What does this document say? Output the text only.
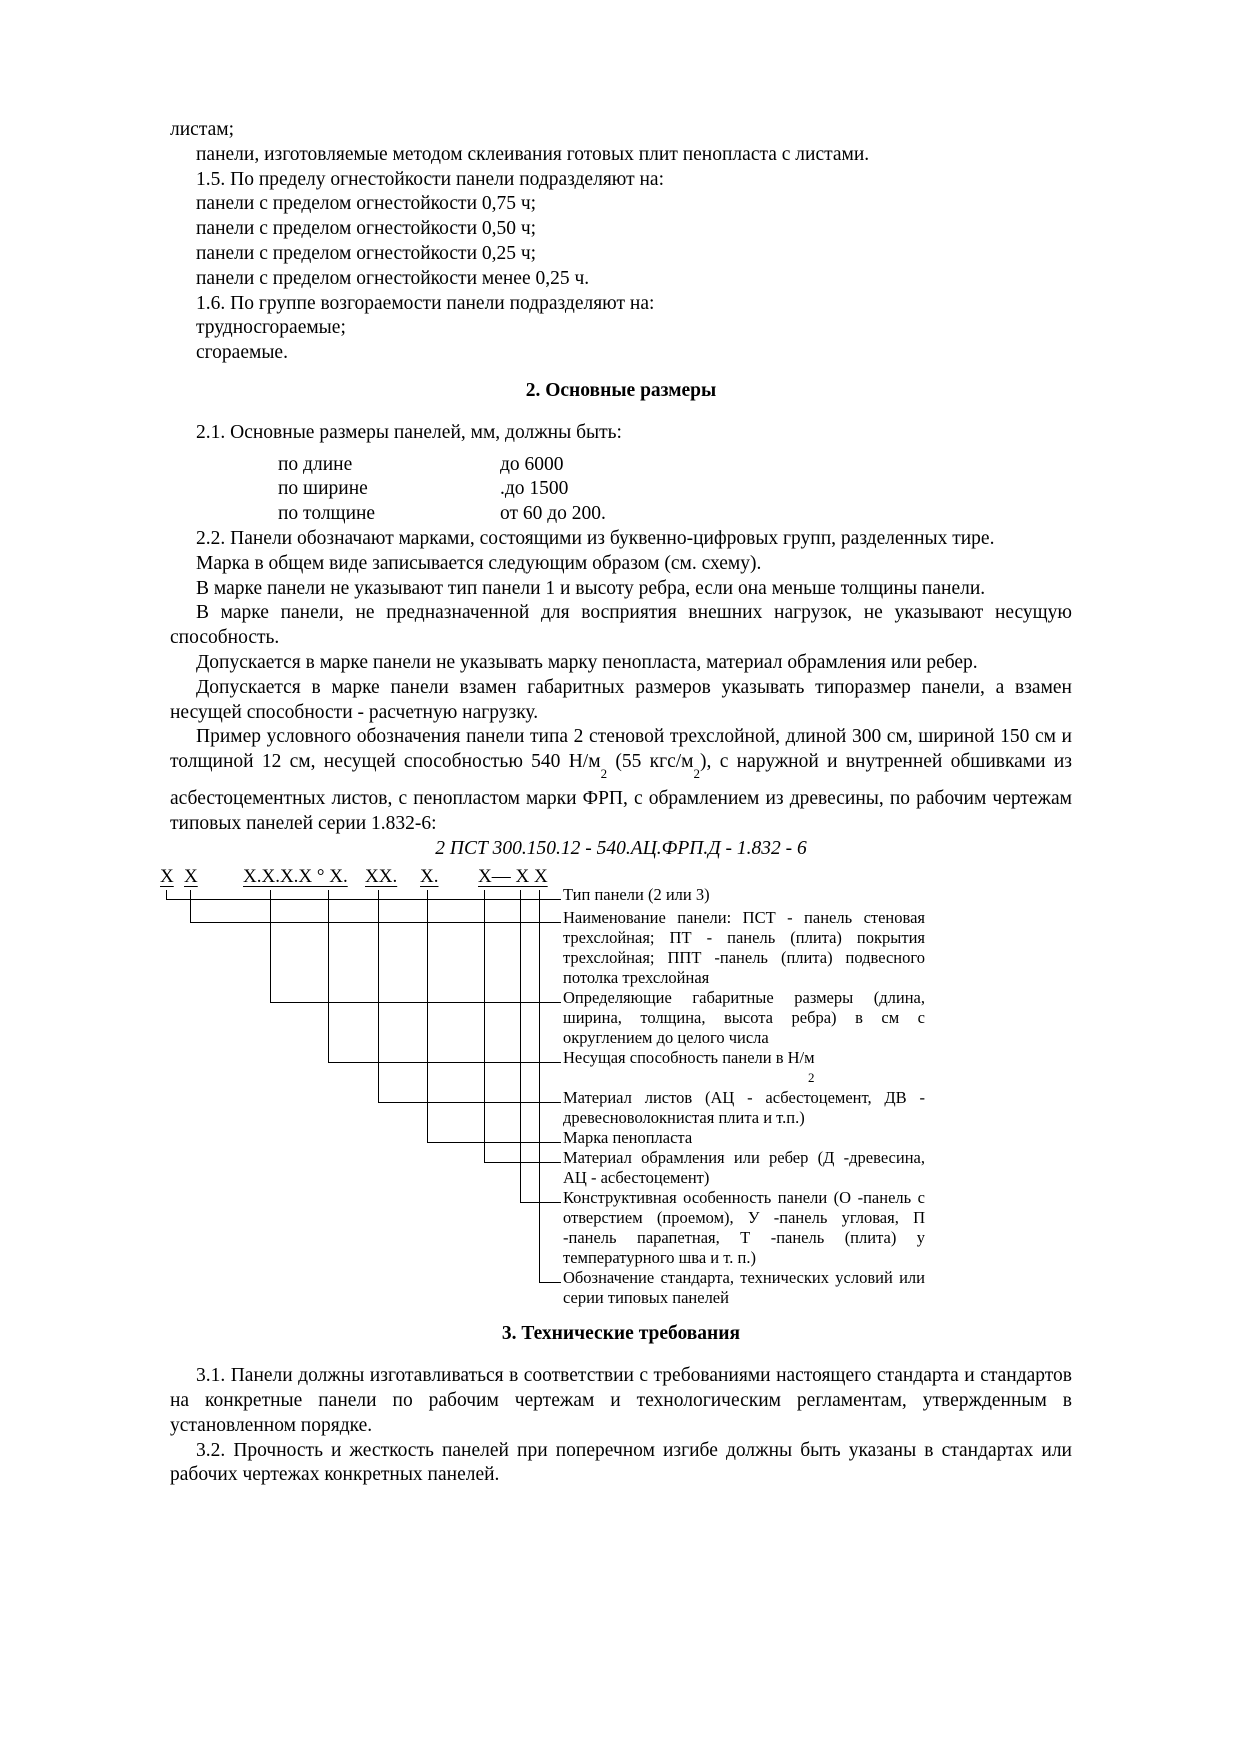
листам;

панели, изготовляемые методом склеивания готовых плит пенопласта с листами.

1.5. По пределу огнестойкости панели подразделяют на:

панели с пределом огнестойкости 0,75 ч;

панели с пределом огнестойкости 0,50 ч;

панели с пределом огнестойкости 0,25 ч;

панели с пределом огнестойкости менее 0,25 ч.

1.6. По группе возгораемости панели подразделяют на:

трудносгораемые;

сгораемые.

2. Основные размеры

2.1. Основные размеры панелей, мм, должны быть:

по длине	до 6000
по ширине	.до 1500
по толщине	от 60 до 200.

2.2. Панели обозначают марками, состоящими из буквенно-цифровых групп, разделенных тире.

Марка в общем виде записывается следующим образом (см. схему).

В марке панели не указывают тип панели 1 и высоту ребра, если она меньше толщины панели.

В марке панели, не предназначенной для восприятия внешних нагрузок, не указывают несущую способность.

Допускается в марке панели не указывать марку пенопласта, материал обрамления или ребер.

Допускается в марке панели взамен габаритных размеров указывать типоразмер панели, а взамен несущей способности - расчетную нагрузку.

Пример условного обозначения панели типа 2 стеновой трехслойной, длиной 300 см, шириной 150 см и толщиной 12 см, несущей способностью 540 $Н/м_2$ (55 кгс/$м_2$), с наружной и внутренней обшивками из асбестоцементных листов, с пенопластом марки ФРП, с обрамлением из древесины, по рабочим чертежам типовых панелей серии 1.832-6:

2 ПСТ 300.150.12 - 540.АЦ.ФРП.Д - 1.832 - 6

X X Х.Х.Х.Х ° Х. XX. Х. Х— Х Х
Тип панели (2 или 3)
Наименование панели: ПСТ - панель стеновая трехслойная; ПТ - панель (плита) покрытия трехслойная; ППТ -панель (плита) подвесного потолка трехслойная
Определяющие габаритные размеры (длина, ширина, толщина, высота ребра) в см с округлением до целого числа
Несущая способность панели в Н/м
2
Материал листов (АЦ - асбестоцемент, ДВ - древесноволокнистая плита и т.п.)
Марка пенопласта
Материал обрамления или ребер (Д -древесина, АЦ - асбестоцемент)
Конструктивная особенность панели (О -панель с отверстием (проемом), У -панель угловая, П -панель парапетная, Т -панель (плита) у температурного шва и т. п.)
Обозначение стандарта, технических условий или серии типовых панелей
3. Технические требования

3.1. Панели должны изготавливаться в соответствии с требованиями настоящего стандарта и стандартов на конкретные панели по рабочим чертежам и технологическим регламентам, утвержденным в установленном порядке.

3.2. Прочность и жесткость панелей при поперечном изгибе должны быть указаны в стандартах или рабочих чертежах конкретных панелей.
